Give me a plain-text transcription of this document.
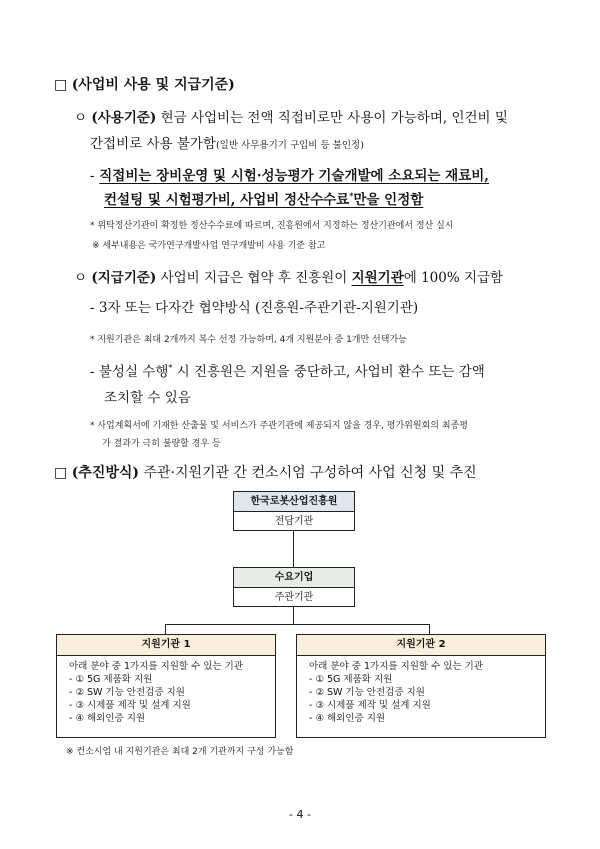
□ (사업비 사용 및 지급기준)
ㅇ (사용기준) 현금 사업비는 전액 직접비로만 사용이 가능하며, 인건비 및
간접비로 사용 불가함(일반 사무용기기 구입비 등 불인정)
- 직접비는 장비운영 및 시험·성능평가 기술개발에 소요되는 재료비,
컨설팅 및 시험평가비, 사업비 정산수수료*만을 인정함
* 위탁정산기관이 확정한 정산수수료에 따르며, 진흥원에서 지정하는 정산기관에서 정산 실시
※ 세부내용은 국가연구개발사업 연구개발비 사용 기준 참고
ㅇ (지급기준) 사업비 지급은 협약 후 진흥원이 지원기관에 100% 지급함
- 3자 또는 다자간 협약방식 (진흥원-주관기관-지원기관)
* 지원기관은 최대 2개까지 복수 선정 가능하며, 4개 지원분야 중 1개만 선택가능
- 불성실 수행* 시 진흥원은 지원을 중단하고, 사업비 환수 또는 감액
조치할 수 있음
* 사업계획서에 기재한 산출물 및 서비스가 주관기관에 제공되지 않을 경우, 평가위원회의 최종평
가 결과가 극히 불량할 경우 등
□ (추진방식) 주관·지원기관 간 컨소시엄 구성하여 사업 신청 및 추진
한국로봇산업진흥원
전담기관
수요기업
주관기관
지원기관 1
아래 분야 중 1가지를 지원할 수 있는 기관
- ① 5G 제품화 지원
- ② SW 기능 안전검증 지원
- ③ 시제품 제작 및 설계 지원
- ④ 해외인증 지원
지원기관 2
아래 분야 중 1가지를 지원할 수 있는 기관
- ① 5G 제품화 지원
- ② SW 기능 안전검증 지원
- ③ 시제품 제작 및 설계 지원
- ④ 해외인증 지원
※ 컨소시엄 내 지원기관은 최대 2개 기관까지 구성 가능함
- 4 -
